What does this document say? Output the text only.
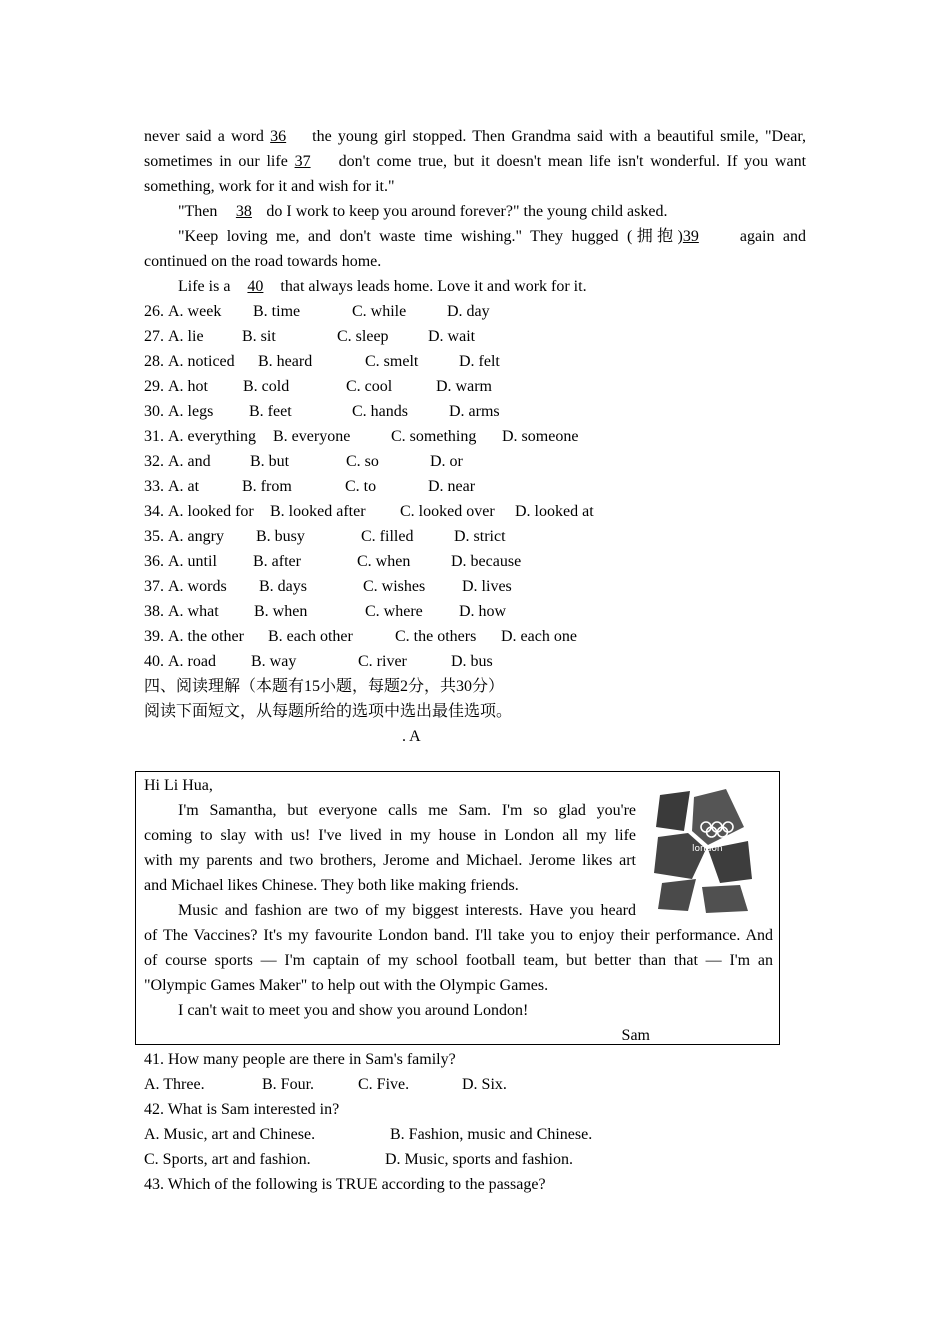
never said a word 36 the young girl stopped. Then Grandma said with a beautiful smile, "Dear,
sometimes in our life 37 don't come true, but it doesn't mean life isn't wonderful. If you want
something, work for it and wish for it."
"Then 38 do I work to keep you around forever?" the young child asked.
"Keep loving me, and don't waste time wishing." They hugged (拥抱)39	again and
continued on the road towards home.
Life is a 40 that always leads home. Love it and work for it.
26. A. week B. time	C. while	D. day
27. A. lie B. sit	C. sleep D. wait
28. A. noticed B. heard	C. smelt	D. felt
29. A. hot B. cold	C. cool	D. warm
30. A. legs B. feet	C. hands	D. arms
31. A. everything B. everyone	C. something D. someone
32. A. and B. but	C. so	D. or
33. A. at	B. from	C. to	D. near
34. A. looked for B. looked after C. looked over D. looked at
35. A. angry B. busy	C. filled	D. strict
36. A. until B. after	C. when	D. because
37. A. words B. days	C. wishes D. lives
38. A. what B. when	C. where D. how
39. A. the other B. each other	C. the others D. each one
40. A. road B. way	C. river	D. bus
四、阅读理解（本题有15小题，每题2分，共30分）
阅读下面短文，从每题所给的选项中选出最佳选项。
. A
Hi Li Hua,
I'm Samantha, but everyone calls me Sam. I'm so glad you're
coming to slay with us! I've lived in my house in London all my life
with my parents and two brothers, Jerome and Michael. Jerome likes art
and Michael likes Chinese. They both like making friends.
Music and fashion are two of my biggest interests. Have you heard
of The Vaccines? It's my favourite London band. I'll take you to enjoy their performance. And
of course sports — I'm captain of my school football team, but better than that — I'm an
"Olympic Games Maker" to help out with the Olympic Games.
I can't wait to meet you and show you around London!
Sam
london
41. How many people are there in Sam's family?
A. Three.	B. Four.	C. Five.	D. Six.
42. What is Sam interested in?
A. Music, art and Chinese.	B. Fashion, music and Chinese.
C. Sports, art and fashion.	D. Music, sports and fashion.
43. Which of the following is TRUE according to the passage?
